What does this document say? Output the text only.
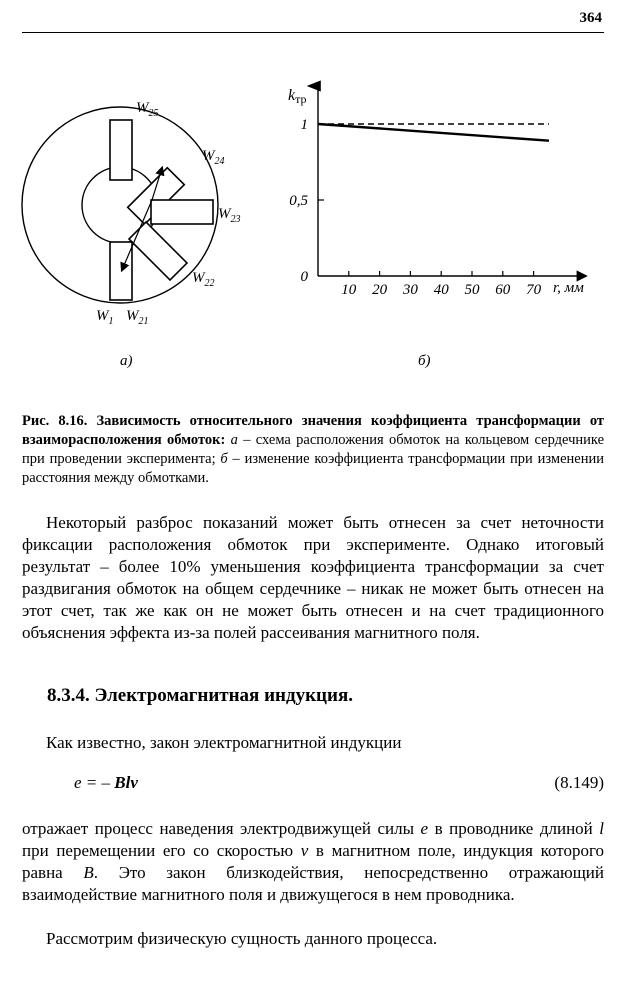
364
$W_{25}$
$W_{24}$
$W_{23}$
$W_{22}$
$W_1$ $W_{21}$
а)	б)
kтр
r, мм
10 20 30 40 50 60 70
0
0,5
1
Рис. 8.16. Зависимость относительного значения коэффициента трансформации от взаиморасположения обмоток: а – схема расположения обмоток на кольцевом сердечнике при проведении эксперимента; б – изменение коэффициента трансформации при изменении расстояния между обмотками.

Некоторый разброс показаний может быть отнесен за счет неточности фиксации расположения обмоток при эксперименте. Однако итоговый результат – более 10% уменьшения коэффициента трансформации за счет раздвигания обмоток на общем сердечнике – никак не может быть отнесен на этот счет, так же как он не может быть отнесен и на счет традиционного объяснения эффекта из-за полей рассеивания магнитного поля.

8.3.4. Электромагнитная индукция.

Как известно, закон электромагнитной индукции

e = – Blv	(8.149)

отражает процесс наведения электродвижущей силы e в проводнике длиной l при перемещении его со скоростью v в магнитном поле, индукция которого равна B. Это закон близкодействия, непосредственно отражающий взаимодействие магнитного поля и движущегося в нем проводника.

Рассмотрим физическую сущность данного процесса.
